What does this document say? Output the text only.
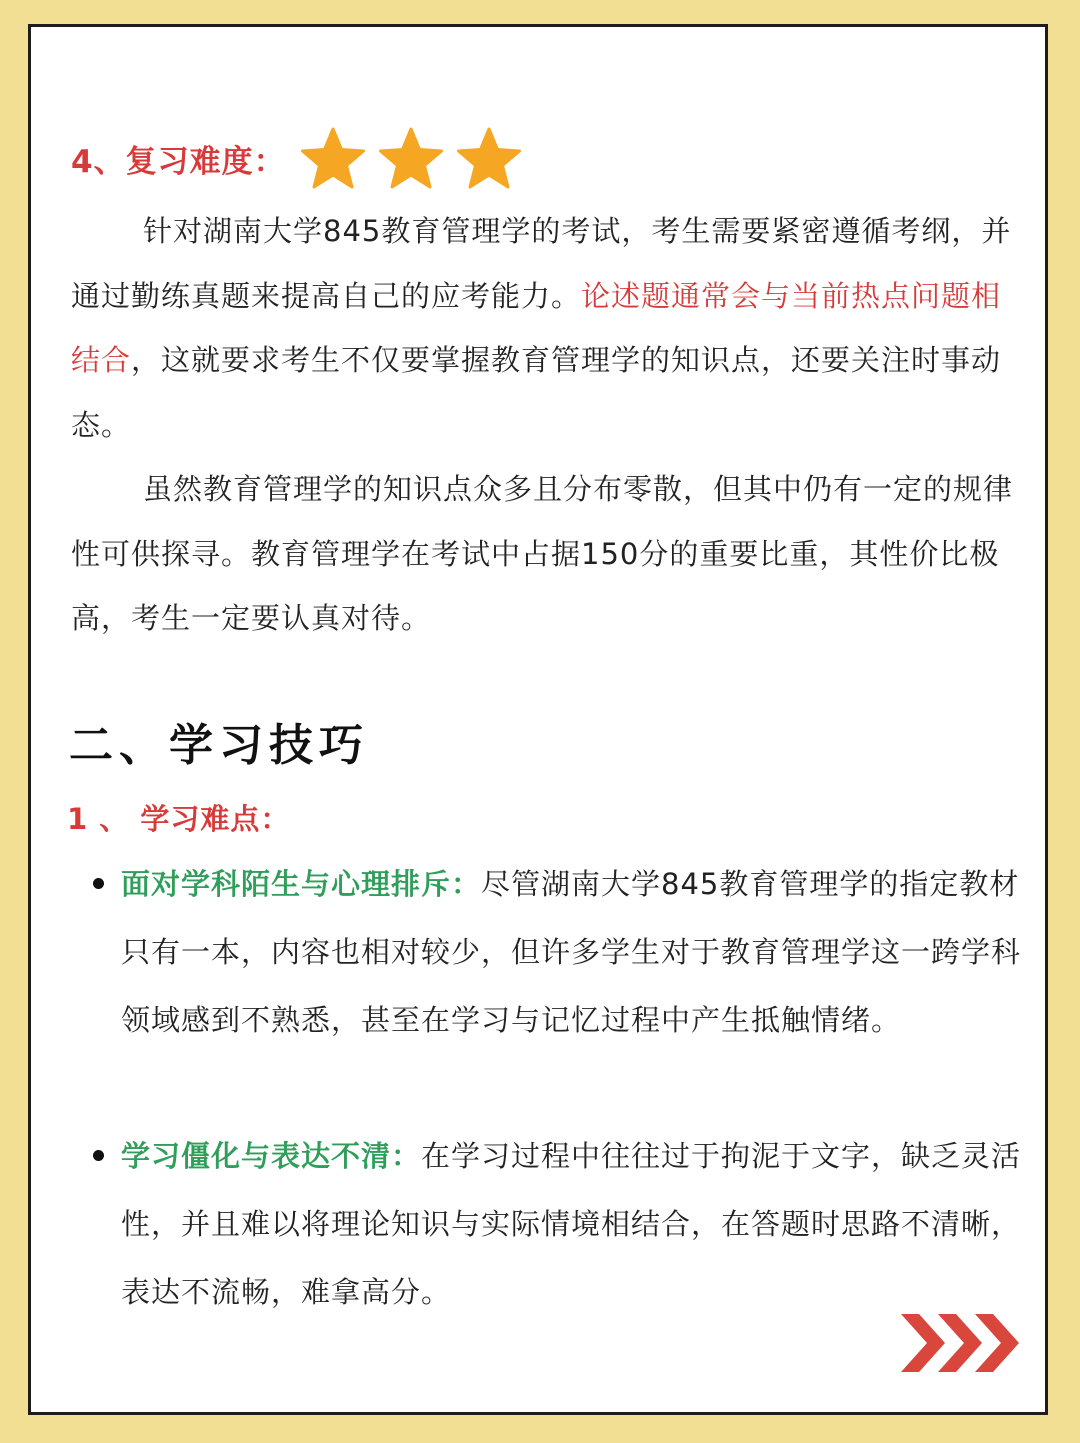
4、复习难度：

针对湖南大学845教育管理学的考试，考生需要紧密遵循考纲，并通过勤练真题来提高自己的应考能力。论述题通常会与当前热点问题相结合，这就要求考生不仅要掌握教育管理学的知识点，还要关注时事动态。

虽然教育管理学的知识点众多且分布零散，但其中仍有一定的规律性可供探寻。教育管理学在考试中占据150分的重要比重，其性价比极高，考生一定要认真对待。

二、学习技巧
1 、 学习难点：

面对学科陌生与心理排斥：尽管湖南大学845教育管理学的指定教材只有一本，内容也相对较少，但许多学生对于教育管理学这一跨学科领域感到不熟悉，甚至在学习与记忆过程中产生抵触情绪。

学习僵化与表达不清：在学习过程中往往过于拘泥于文字，缺乏灵活性，并且难以将理论知识与实际情境相结合，在答题时思路不清晰，表达不流畅，难拿高分。
